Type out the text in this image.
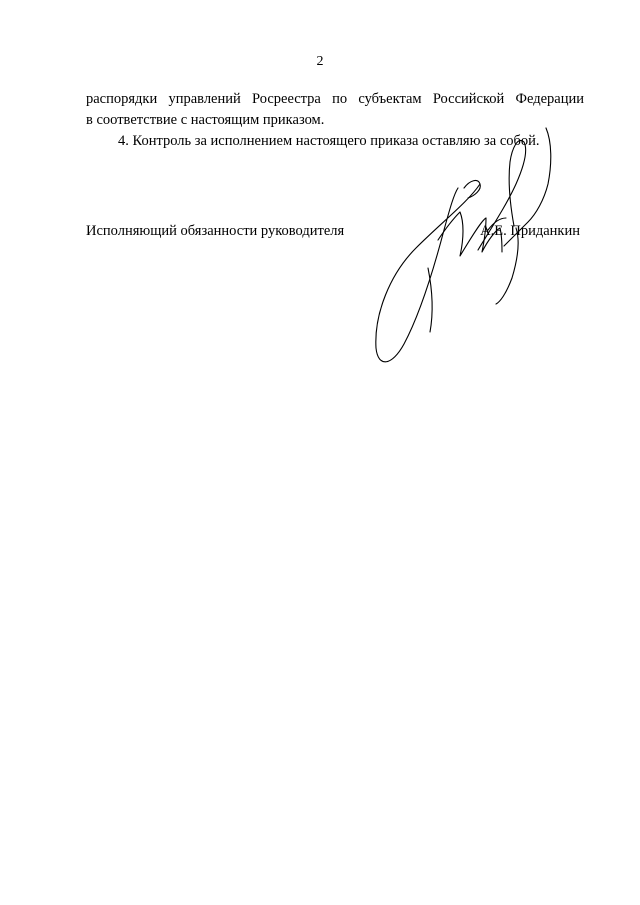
2

распорядки управлений Росреестра по субъектам Российской Федерации

в соответствие с настоящим приказом.

4. Контроль за исполнением настоящего приказа оставляю за собой.

Исполняющий обязанности руководителя	А.Е. Приданкин
